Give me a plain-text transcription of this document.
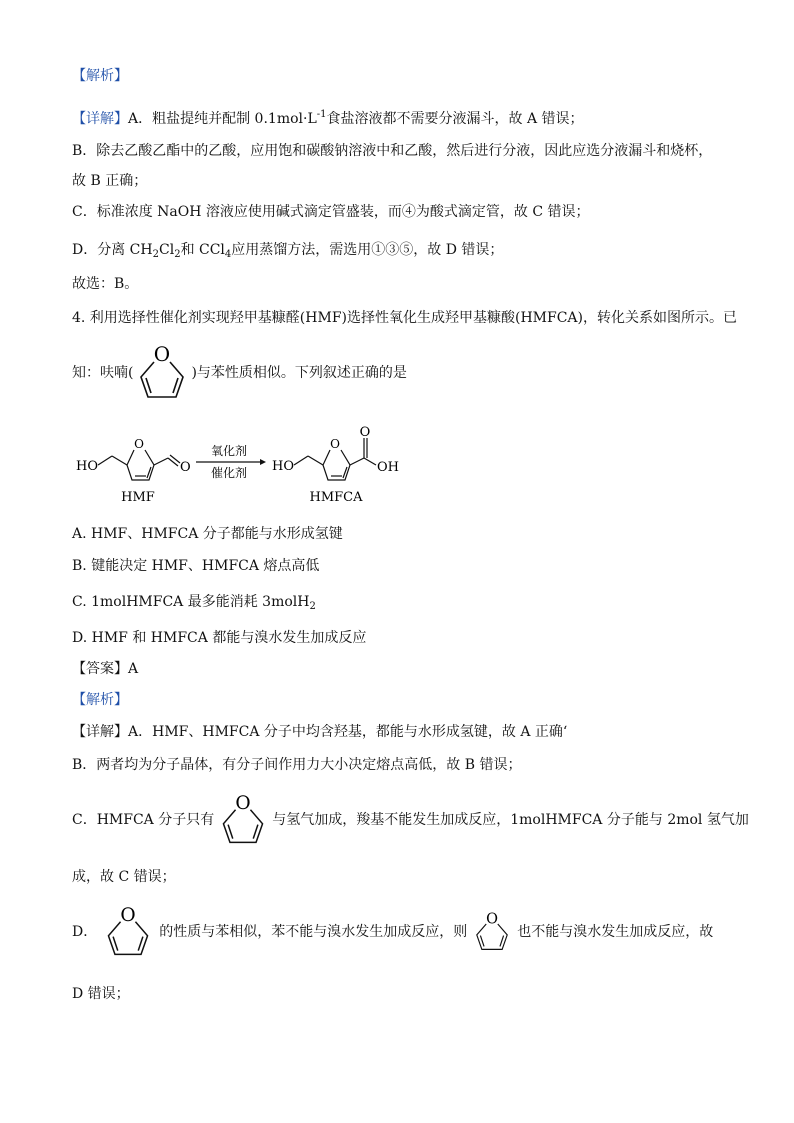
【解析】
【详解】A．粗盐提纯并配制 $0.1mol\cdot L^{-1}$食盐溶液都不需要分液漏斗，故 A 错误；
B．除去乙酸乙酯中的乙酸，应用饱和碳酸钠溶液中和乙酸，然后进行分液，因此应选分液漏斗和烧杯，
故 B 正确；
C．标准浓度 NaOH 溶液应使用碱式滴定管盛装，而④为酸式滴定管，故 C 错误；
D．分离 $CH_2Cl_2$和 CCl$_4$应用蒸馏方法，需选用①③⑤，故 D 错误；
故选：B。
4. 利用选择性催化剂实现羟甲基糠醛(HMF)选择性氧化生成羟甲基糠酸(HMFCA)，转化关系如图所示。已
知：呋喃(
O
)与苯性质相似。下列叙述正确的是
HO
O
O
HMF
氧化剂
催化剂 HO
O
O
OH
HMFCA
A. HMF、HMFCA 分子都能与水形成氢键
B. 键能决定 HMF、HMFCA 熔点高低
C. 1molHMFCA 最多能消耗 3molH$_2$
D. HMF 和 HMFCA 都能与溴水发生加成反应
【答案】A
【解析】
【详解】A．HMF、HMFCA 分子中均含羟基，都能与水形成氢键，故 A 正确‘
B．两者均为分子晶体，有分子间作用力大小决定熔点高低，故 B 错误；
C．HMFCA 分子只有
O
与氢气加成，羧基不能发生加成反应，1molHMFCA 分子能与 2mol 氢气加
成，故 C 错误；
D．
O
的性质与苯相似，苯不能与溴水发生加成反应，则
O
也不能与溴水发生加成反应，故
D 错误；
